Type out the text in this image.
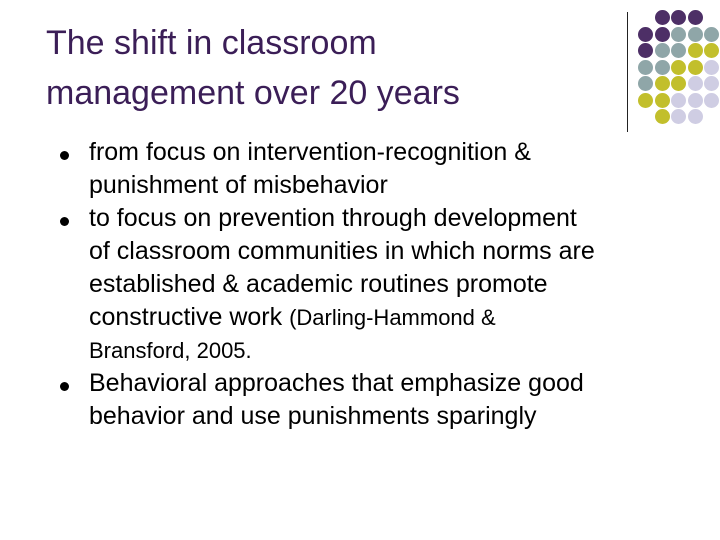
The shift in classroom
management over 20 years
from focus on intervention-recognition &
punishment of misbehavior
to focus on prevention through development
of classroom communities in which norms are
established & academic routines promote
constructive work (Darling-Hammond &
Bransford, 2005.
Behavioral approaches that emphasize good
behavior and use punishments sparingly
